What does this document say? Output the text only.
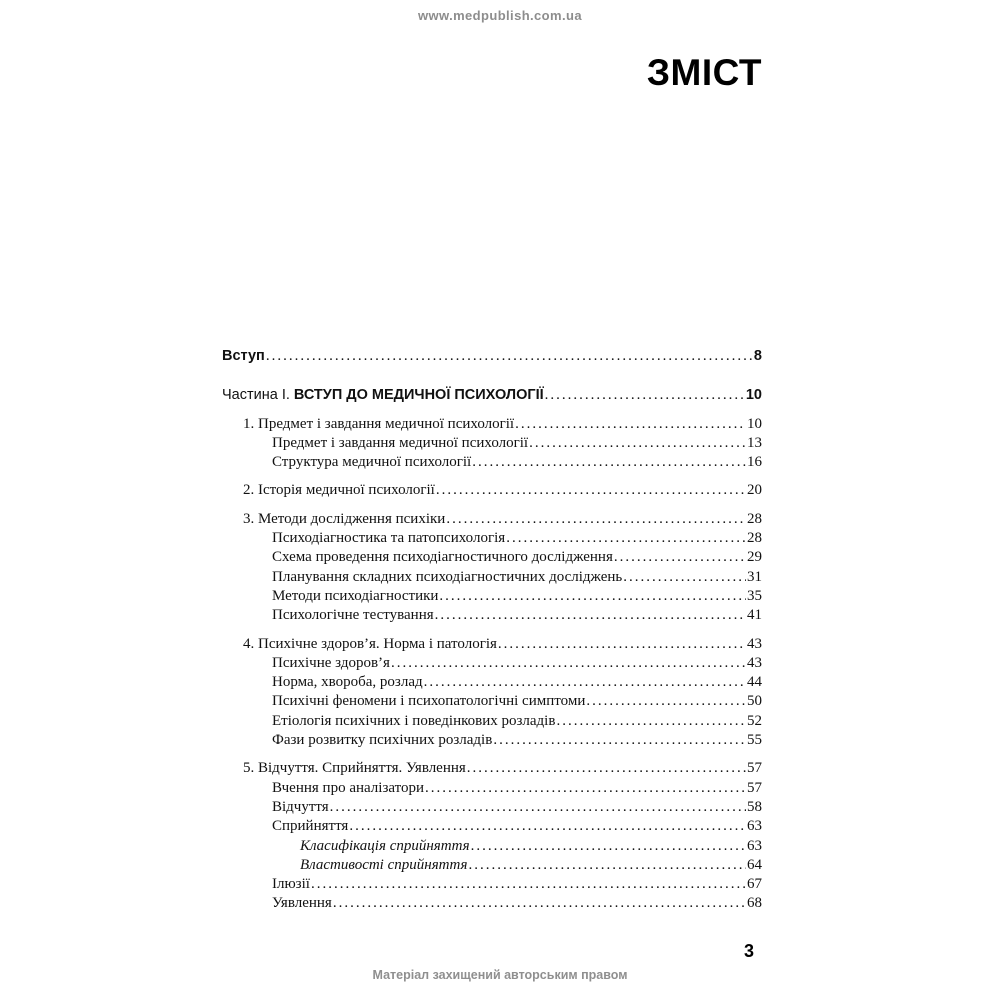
www.medpublish.com.ua
ЗМІСТ
Вступ .....	8
Частина I. ВСТУП ДО МЕДИЧНОЇ ПСИХОЛОГІЇ .....	10
1. Предмет і завдання медичної психології .....	10
Предмет і завдання медичної психології .....	13
Структура медичної психології .....	16
2. Історія медичної психології .....	20
3. Методи дослідження психіки .....	28
Психодіагностика та патопсихологія .....	28
Схема проведення психодіагностичного дослідження .....	29
Планування складних психодіагностичних досліджень .....	31
Методи психодіагностики .....	35
Психологічне тестування .....	41
4. Психічне здоров’я. Норма і патологія .....	43
Психічне здоров’я .....	43
Норма, хвороба, розлад .....	44
Психічні феномени і психопатологічні симптоми .....	50
Етіологія психічних і поведінкових розладів .....	52
Фази розвитку психічних розладів .....	55
5. Відчуття. Сприйняття. Уявлення .....	57
Вчення про аналізатори .....	57
Відчуття .....	58
Сприйняття .....	63
Класифікація сприйняття .....	63
Властивості сприйняття .....	64
Ілюзії .....	67
Уявлення .....	68
3
Матеріал захищений авторським правом
